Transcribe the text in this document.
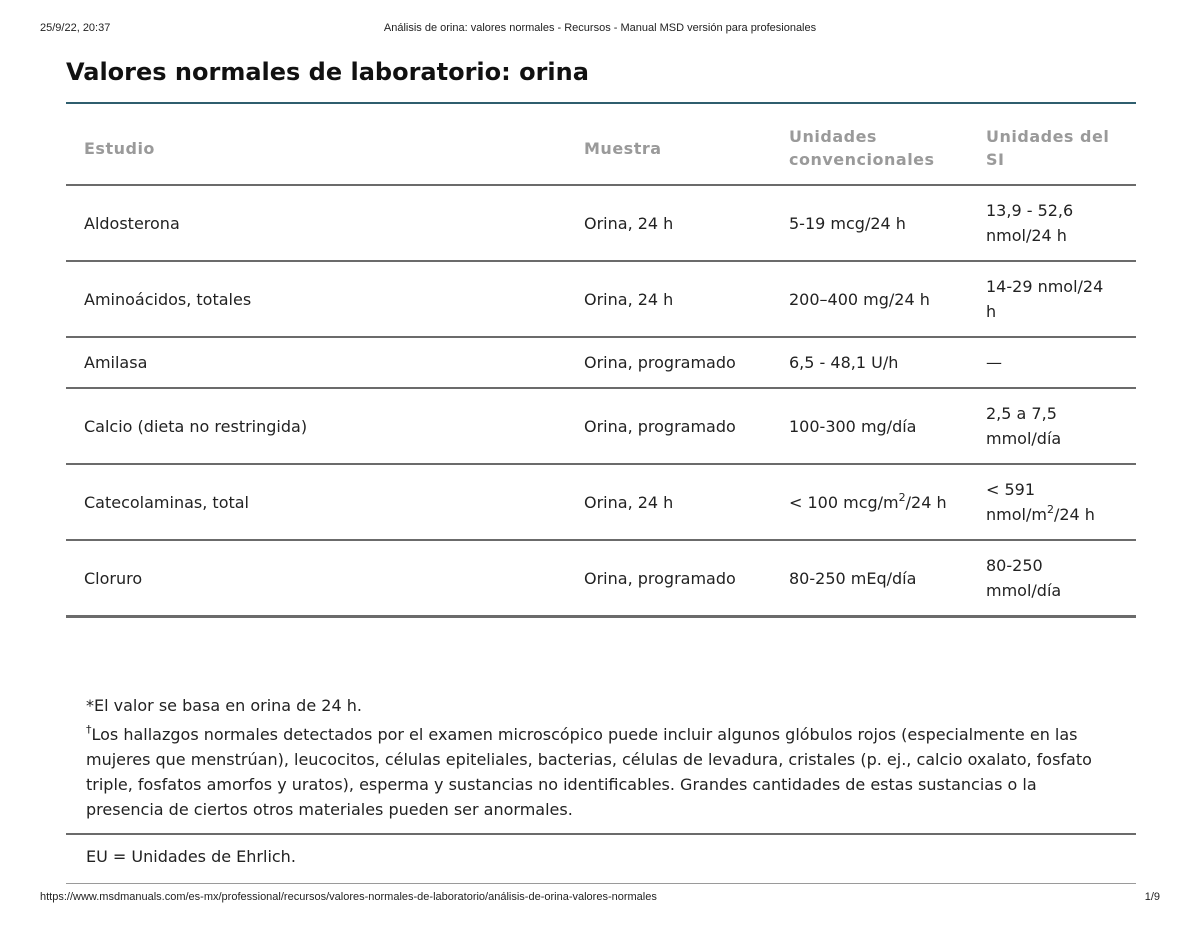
25/9/22, 20:37	Análisis de orina: valores normales - Recursos - Manual MSD versión para profesionales
Valores normales de laboratorio: orina
Estudio	Muestra	Unidades convencionales	Unidades del SI
Aldosterona	Orina, 24 h	5-19 mcg/24 h	13,9 - 52,6 nmol/24 h
Aminoácidos, totales	Orina, 24 h	200–400 mg/24 h	14-29 nmol/24 h
Amilasa	Orina, programado	6,5 - 48,1 U/h	—
Calcio (dieta no restringida)	Orina, programado	100-300 mg/día	2,5 a 7,5 mmol/día
Catecolaminas, total	Orina, 24 h	< 100 mcg/$m^2/24$ h	< 591 nmol/$m^2/24$ h
Cloruro	Orina, programado	80-250 mEq/día	80-250 mmol/día

*El valor se basa en orina de 24 h.

†Los hallazgos normales detectados por el examen microscópico puede incluir algunos glóbulos rojos (especialmente en las mujeres que menstrúan), leucocitos, células epiteliales, bacterias, células de levadura, cristales (p. ej., calcio oxalato, fosfato triple, fosfatos amorfos y uratos), esperma y sustancias no identificables. Grandes cantidades de estas sustancias o la presencia de ciertos otros materiales pueden ser anormales.

EU = Unidades de Ehrlich.
https://www.msdmanuals.com/es-mx/professional/recursos/valores-normales-de-laboratorio/análisis-de-orina-valores-normales	1/9
